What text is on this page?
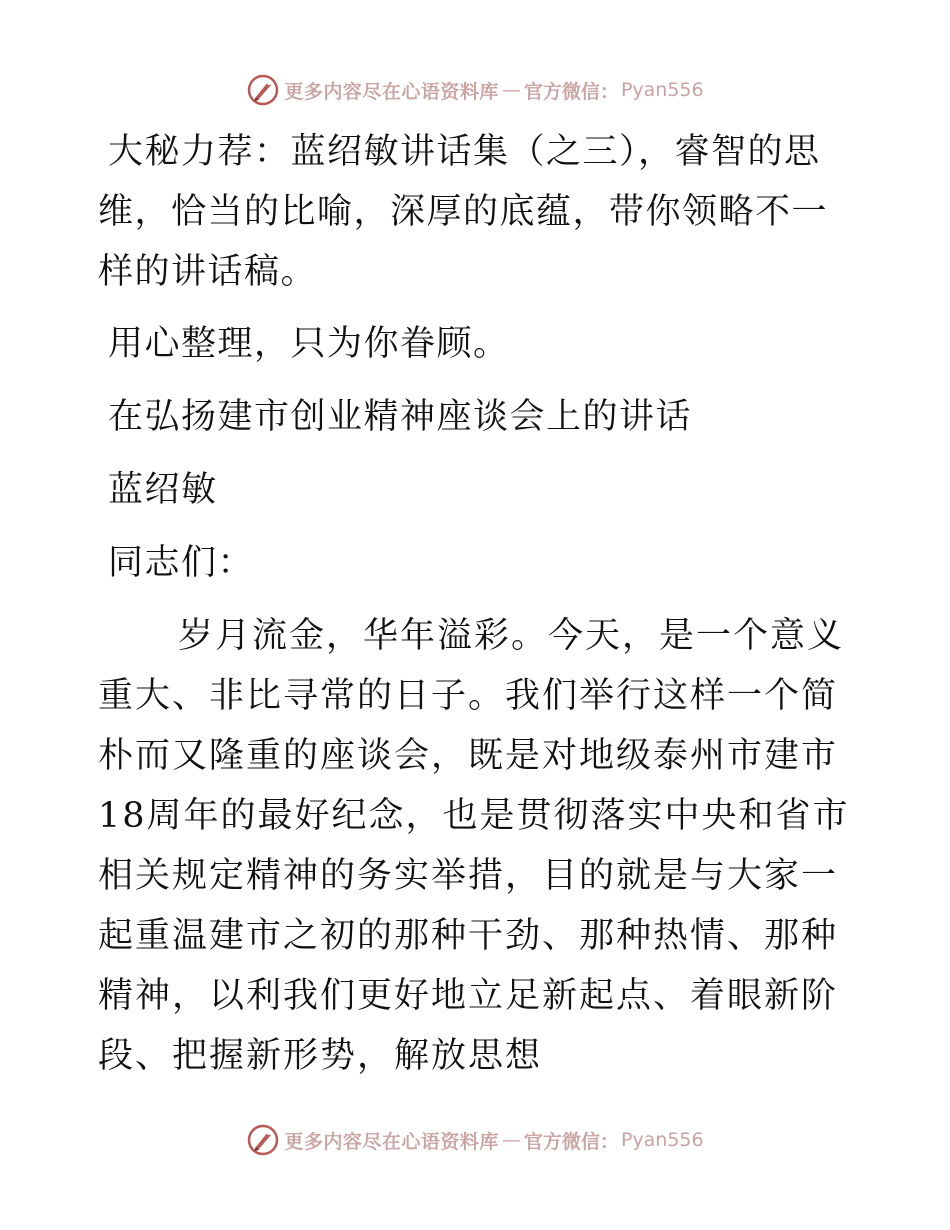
更多内容尽在心语资料库 — 官方微信： Pyan556

大秘力荐：蓝绍敏讲话集（之三），睿智的思维，恰当的比喻，深厚的底蕴，带你领略不一样的讲话稿。

用心整理，只为你眷顾。

在弘扬建市创业精神座谈会上的讲话

蓝绍敏

同志们：

岁月流金，华年溢彩。今天，是一个意义重大、非比寻常的日子。我们举行这样一个简朴而又隆重的座谈会，既是对地级泰州市建市18周年的最好纪念，也是贯彻落实中央和省市相关规定精神的务实举措，目的就是与大家一起重温建市之初的那种干劲、那种热情、那种精神，以利我们更好地立足新起点、着眼新阶段、把握新形势，解放思想

更多内容尽在心语资料库 — 官方微信： Pyan556
